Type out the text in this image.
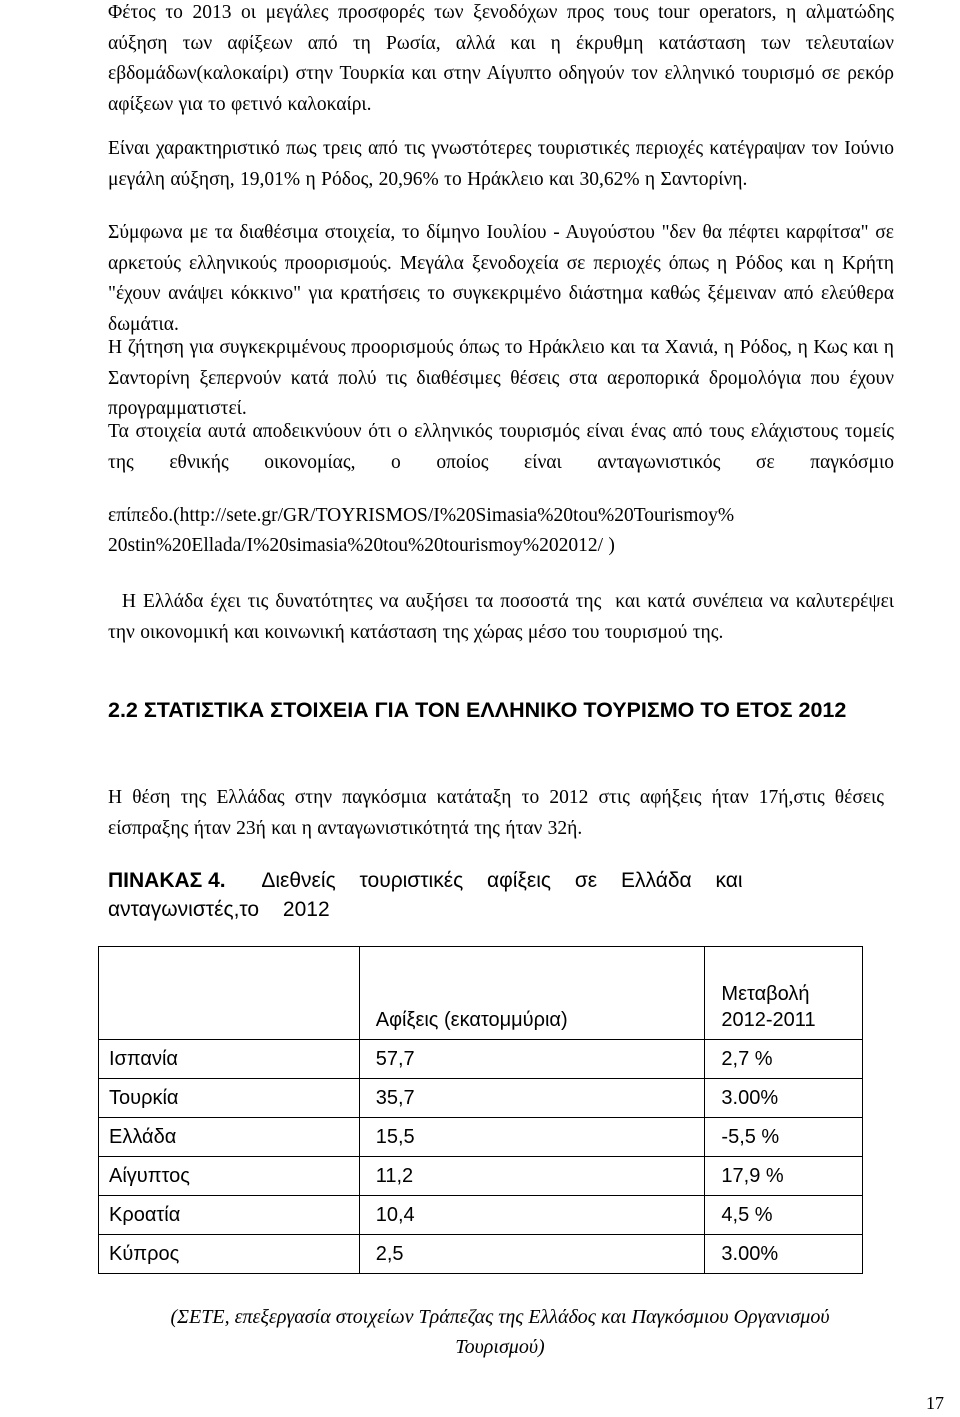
Φέτος το 2013 οι μεγάλες προσφορές των ξενοδόχων προς τους tour operators, η αλματώδης αύξηση των αφίξεων από τη Ρωσία, αλλά και η έκρυθμη κατάσταση των τελευταίων εβδομάδων(καλοκαίρι) στην Τουρκία και στην Αίγυπτο οδηγούν τον ελληνικό τουρισμό σε ρεκόρ αφίξεων για το φετινό καλοκαίρι.

Είναι χαρακτηριστικό πως τρεις από τις γνωστότερες τουριστικές περιοχές κατέγραψαν τον Ιούνιο μεγάλη αύξηση, 19,01% η Ρόδος, 20,96% το Ηράκλειο και 30,62% η Σαντορίνη.

Σύμφωνα με τα διαθέσιμα στοιχεία, το δίμηνο Ιουλίου - Αυγούστου "δεν θα πέφτει καρφίτσα" σε αρκετούς ελληνικούς προορισμούς. Μεγάλα ξενοδοχεία σε περιοχές όπως η Ρόδος και η Κρήτη "έχουν ανάψει κόκκινο" για κρατήσεις το συγκεκριμένο διάστημα καθώς ξέμειναν από ελεύθερα δωμάτια.

Η ζήτηση για συγκεκριμένους προορισμούς όπως το Ηράκλειο και τα Χανιά, η Ρόδος, η Κως και η Σαντορίνη ξεπερνούν κατά πολύ τις διαθέσιμες θέσεις στα αεροπορικά δρομολόγια που έχουν προγραμματιστεί.

Τα στοιχεία αυτά αποδεικνύουν ότι ο ελληνικός τουρισμός είναι ένας από τους ελάχιστους τομείς της εθνικής οικονομίας, ο οποίος είναι ανταγωνιστικός σε παγκόσμιο

επίπεδο.(http://sete.gr/GR/TOYRISMOS/I%20Simasia%20tou%20Tourismoy%

20stin%20Ellada/I%20simasia%20tou%20tourismoy%202012/ )

Η Ελλάδα έχει τις δυνατότητες να αυξήσει τα ποσοστά της  και κατά συνέπεια να καλυτερέψει την οικονομική και κοινωνική κατάσταση της χώρας μέσο του τουρισμού της.

2.2 ΣΤΑΤΙΣΤΙΚΑ ΣΤΟΙΧΕΙΑ ΓΙΑ ΤΟΝ ΕΛΛΗΝΙΚΟ ΤΟΥΡΙΣΜΟ ΤΟ ΕΤΟΣ 2012

Η θέση της Ελλάδας στην παγκόσμια κατάταξη το 2012 στις αφήξεις ήταν 17ή,στις θέσεις είσπραξης ήταν 23ή και η ανταγωνιστικότητά της ήταν 32ή.

ΠΙΝΑΚΑΣ 4. Διεθνείς τουριστικές αφίξεις σε Ελλάδα και ανταγωνιστές,το 2012

	Αφίξεις (εκατομμύρια)	Μεταβολή 2012-2011
Ισπανία	57,7	2,7 %
Τουρκία	35,7	3.00%
Ελλάδα	15,5	-5,5 %
Αίγυπτος	11,2	17,9 %
Κροατία	10,4	4,5 %
Κύπρος	2,5	3.00%

(ΣΕΤΕ, επεξεργασία στοιχείων Τράπεζας της Ελλάδος και Παγκόσμιου Οργανισμού Τουρισμού)

17
